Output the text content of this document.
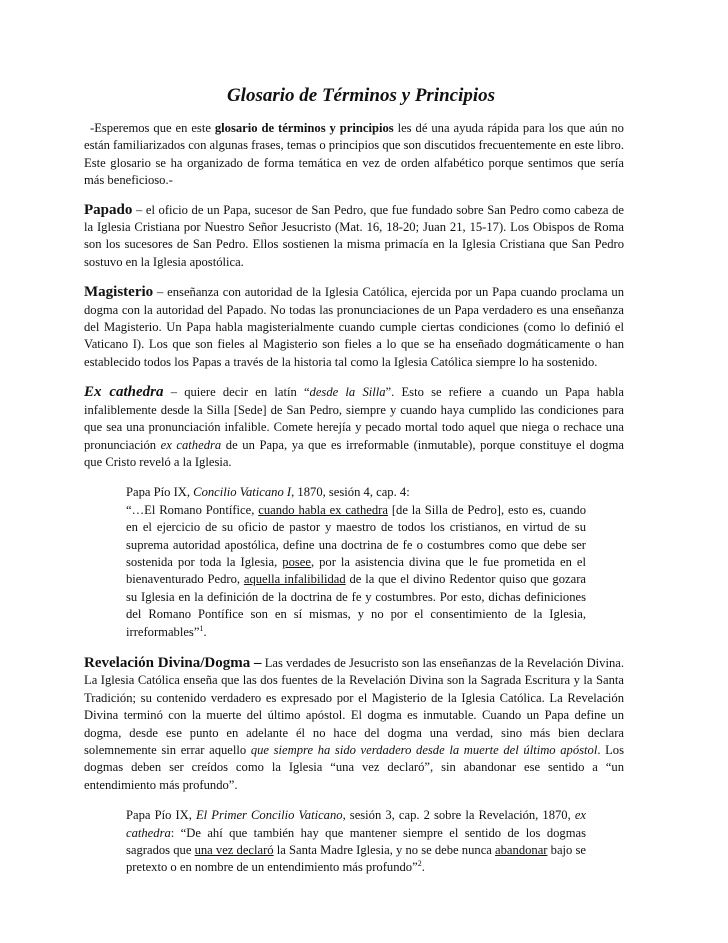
Glosario de Términos y Principios

-Esperemos que en este glosario de términos y principios les dé una ayuda rápida para los que aún no están familiarizados con algunas frases, temas o principios que son discutidos frecuentemente en este libro. Este glosario se ha organizado de forma temática en vez de orden alfabético porque sentimos que sería más beneficioso.-

Papado – el oficio de un Papa, sucesor de San Pedro, que fue fundado sobre San Pedro como cabeza de la Iglesia Cristiana por Nuestro Señor Jesucristo (Mat. 16, 18-20; Juan 21, 15-17). Los Obispos de Roma son los sucesores de San Pedro. Ellos sostienen la misma primacía en la Iglesia Cristiana que San Pedro sostuvo en la Iglesia apostólica.

Magisterio – enseñanza con autoridad de la Iglesia Católica, ejercida por un Papa cuando proclama un dogma con la autoridad del Papado. No todas las pronunciaciones de un Papa verdadero es una enseñanza del Magisterio. Un Papa habla magisterialmente cuando cumple ciertas condiciones (como lo definió el Vaticano I). Los que son fieles al Magisterio son fieles a lo que se ha enseñado dogmáticamente o han establecido todos los Papas a través de la historia tal como la Iglesia Católica siempre lo ha sostenido.

Ex cathedra – quiere decir en latín “desde la Silla”. Esto se refiere a cuando un Papa habla infaliblemente desde la Silla [Sede] de San Pedro, siempre y cuando haya cumplido las condiciones para que sea una pronunciación infalible. Comete herejía y pecado mortal todo aquel que niega o rechace una pronunciación ex cathedra de un Papa, ya que es irreformable (inmutable), porque constituye el dogma que Cristo reveló a la Iglesia.

Papa Pío IX, Concilio Vaticano I, 1870, sesión 4, cap. 4:
“…El Romano Pontífice, cuando habla ex cathedra [de la Silla de Pedro], esto es, cuando en el ejercicio de su oficio de pastor y maestro de todos los cristianos, en virtud de su suprema autoridad apostólica, define una doctrina de fe o costumbres como que debe ser sostenida por toda la Iglesia, posee, por la asistencia divina que le fue prometida en el bienaventurado Pedro, aquella infalibilidad de la que el divino Redentor quiso que gozara su Iglesia en la definición de la doctrina de fe y costumbres. Por esto, dichas definiciones del Romano Pontífice son en sí mismas, y no por el consentimiento de la Iglesia, irreformables”$^1$.

Revelación Divina/Dogma – Las verdades de Jesucristo son las enseñanzas de la Revelación Divina. La Iglesia Católica enseña que las dos fuentes de la Revelación Divina son la Sagrada Escritura y la Santa Tradición; su contenido verdadero es expresado por el Magisterio de la Iglesia Católica. La Revelación Divina terminó con la muerte del último apóstol. El dogma es inmutable. Cuando un Papa define un dogma, desde ese punto en adelante él no hace del dogma una verdad, sino más bien declara solemnemente sin errar aquello que siempre ha sido verdadero desde la muerte del último apóstol. Los dogmas deben ser creídos como la Iglesia “una vez declaró”, sin abandonar ese sentido a “un entendimiento más profundo”.

Papa Pío IX, El Primer Concilio Vaticano, sesión 3, cap. 2 sobre la Revelación, 1870, ex cathedra: “De ahí que también hay que mantener siempre el sentido de los dogmas sagrados que una vez declaró la Santa Madre Iglesia, y no se debe nunca abandonar bajo se pretexto o en nombre de un entendimiento más profundo”$^2$.
